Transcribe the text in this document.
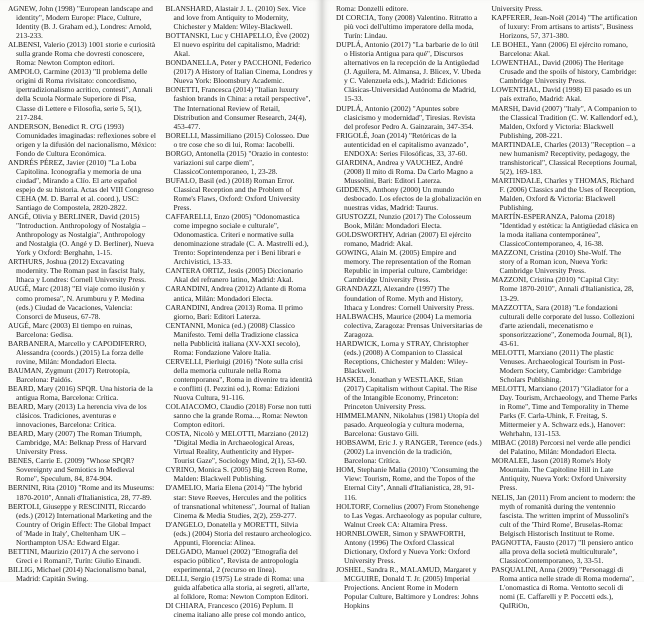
AGNEW, John (1998) "European landscape and identity", Modern Europe: Place, Culture, Identity (B. J. Graham ed.), Londres: Arnold, 213-233.

ALBENSI, Valerio (2013) 1001 storie e curiosità sulla grande Roma che dovresti conoscere, Roma: Newton Compton editori.

AMPOLO, Carmine (2013) "Il problema delle origini di Roma rivisitato: concordismo, ipertradizionalismo acritico, contesti", Annali della Scuola Normale Superiore di Pisa, Classe di Lettere e Filosofia, serie 5, 5(1), 217-284.

ANDERSON, Benedict R. O'G (1993) Comunidades imaginadas: reflexiones sobre el origen y la difusión del nacionalismo, México: Fondo de Cultura Económica.

ANDRÉS PÉREZ, Javier (2010) "La Loba Capitolina. Iconografía y memoria de una ciudad", Mirando a Clío. El arte español espejo de su historia. Actas del VIII Congreso CEHA (M. D. Barral et al. coord.), USC: Santiago de Compostela, 2820-2822.

ANGÉ, Olivia y BERLINER, David (2015) "Introduction. Anthropology of Nostalgia – Anthropology as Nostalgia", Anthropology and Nostalgia (O. Angé y D. Berliner), Nueva York y Oxford: Berghahn, 1-15.

ARTHURS, Joshua (2012) Excavating modernity. The Roman past in fascist Italy, Ithaca y Londres: Cornell University Press.

AUGÉ, Marc (2018) "El viaje como ilusión y como promesa", N. Arumburu y P. Medina (eds.) Ciudad de Vacaciones, Valencia: Consorci de Museus, 67-78.

AUGÉ, Marc (2003) El tiempo en ruinas, Barcelona: Gedisa.

BARBANERA, Marcello y CAPODIFERRO, Alessandra (coords.) (2015) La forza delle rovine, Milán: Mondadori Electa.

BAUMAN, Zygmunt (2017) Retrotopía, Barcelona: Paidós.

BEARD, Mary (2016) SPQR. Una historia de la antigua Roma, Barcelona: Crítica.

BEARD, Mary (2013) La herencia viva de los clásicos. Tradiciones, aventuras e innovaciones, Barcelona: Crítica.

BEARD, Mary (2007) The Roman Triumph, Cambridge, MA: Belknap Press of Harvard University Press.

BENES, Carrie E. (2009) "Whose SPQR? Sovereignty and Semiotics in Medieval Rome", Speculum, 84, 874-904.

BERNINI, Rita (2010) "Rome and its Museums: 1870-2010", Annali d'Italianistica, 28, 77-89.

BERTOLI, Giuseppe y RESCINITI, Riccardo (eds.) (2012) International Marketing and the Country of Origin Effect: The Global Impact of 'Made in Italy', Cheltenham UK – Northampton USA: Edward Elgar.

BETTINI, Maurizio (2017) A che servono i Greci e i Romani?, Turín: Giulio Einaudi.

BILLIG, Michael (2014) Nacionalismo banal, Madrid: Capitán Swing.

BLANSHARD, Alastair J. L. (2010) Sex. Vice and love from Antiquity to Modernity, Chichester y Malden: Wiley-Blackwell.

BOTTANSKI, Luc y CHIAPELLO, Ève (2002) El nuevo espíritu del capitalismo, Madrid: Akal.

BONDANELLA, Peter y PACCHONI, Federico (2017) A History of Italian Cinema, Londres y Nueva York: Bloomsbury Academic.

BONETTI, Francesca (2014) "Italian luxury fashion brands in China: a retail perspective", The International Review of Retail, Distribution and Consumer Research, 24(4), 453-477.

BORELLI, Massimiliano (2015) Colosseo. Due o tre cose che so di lui, Roma: Iacobelli.

BORGO, Antonella (2015) "Orazio in contesto: variazioni sul carpe diem", ClassicoContemporaneo, 1, 23-28.

BUFALO, Basil (ed.) (2018) Roman Error. Classical Reception and the Problem of Rome's Flaws, Oxford: Oxford University Press.

CAFFARELLI, Enzo (2005) "Odonomastica come impegno sociale e culturale", Odonomastica. Criteri e normative sulla denominazione stradale (C. A. Mastrelli ed.), Trento: Soprintendenza per i Beni librari e Archivistici, 13-33.

CANTERA ORTIZ, Jesús (2005) Diccionario Akal del refranero latino, Madrid: Akal.

CARANDINI, Andrea (2012) Atlante di Roma antica, Milán: Mondadori Electa.

CARANDINI, Andrea (2013) Roma. Il primo giorno, Bari: Editori Laterza.

CENTANNI, Monica (ed.) (2008) Classico Manifesto. Temi della Tradizione classica nella Pubblicità italiana (XV-XXI secolo), Roma: Fondazione Valore Italia.

CERVELLI, Pierluigi (2016) "Note sulla crisi della memoria culturale nella Roma contemporanea", Roma in divenire tra identità e conflitti (I. Pezzini ed.), Roma: Edizioni Nuova Cultura, 91-116.

COLAIACOMO, Claudio (2018) Forse non tutti sanno che la grande Roma..., Roma: Newton Compton editori.

COSTA, Nicolò y MELOTTI, Marziano (2012) "Digital Media in Archaeological Areas, Virtual Reality, Authenticity and Hyper-Tourist Gaze", Sociology Mind, 2(1), 53-60.

CYRINO, Monica S. (2005) Big Screen Rome, Malden: Blackwell Publishing.

D'AMELIO, Maria Elena (2014) "The hybrid star: Steve Reeves, Hercules and the politics of transnational whiteness", Journal of Italian Cinema & Media Studies, 2(2), 259-277.

D'ANGELO, Donatella y MORETTI, Silvia (eds.) (2004) Storia del restauro archeologico. Appunti, Florencia: Alinea.

DELGADO, Manuel (2002) "Etnografía del espacio público", Revista de antropología experimental, 2 (recurso en línea).

DELLI, Sergio (1975) Le strade di Roma: una guida alfabetica alla storia, ai segreti, all'arte, al folklore, Roma: Newton Compton Editori.

DI CHIARA, Francesco (2016) Peplum. Il cinema italiano alle prese col mondo antico,

Roma: Donzelli editore.

DI CORCIA, Tony (2008) Valentino. Ritratto a più voci dell'ultimo imperatore della moda, Turín: Lindau.

DUPLÁ, Antonio (2017) "La barbarie de lo útil o Historia Antigua para qué", Discursos alternativos en la recepción de la Antigüedad (J. Aguilera, M. Almansa, J. Blicex, V. Ubeda y C. Valenzuela eds.), Madrid: Ediciones Clásicas-Universidad Autónoma de Madrid, 15-33.

DUPLÁ, Antonio (2002) "Apuntes sobre clasicismo y modernidad", Tiresias. Revista del profesor Pedro A. Gainzarain, 347-354.

FRIGOLÉ, Joan (2014) "Retóricas de la autenticidad en el capitalismo avanzado", ENDOXA: Series Filosóficas, 33, 37-60.

GIARDINA, Andrea y VAUCHEZ, André (2008) Il mito di Roma. Da Carlo Magno a Mussolini, Bari: Editori Laterza.

GIDDENS, Anthony (2000) Un mundo desbocado. Los efectos de la globalización en nuestras vidas, Madrid: Taurus.

GIUSTOZZI, Nunzio (2017) The Colosseum Book, Milán: Mondadori Electa.

GOLDSWORTHY, Adrian (2007) El ejército romano, Madrid: Akal.

GOWING, Alain M. (2005) Empire and memory. The representation of the Roman Republic in imperial culture, Cambridge: Cambridge University Press.

GRANDAZZI, Alexandre (1997) The foundation of Rome. Myth and History, Ithaca y Londres: Cornell University Press.

HALBWACHS, Maurice (2004) La memoria colectiva, Zaragoza: Prensas Universitarias de Zaragoza.

HARDWICK, Lorna y STRAY, Christopher (eds.) (2008) A Companion to Classical Receptions, Chichester y Malden: Wiley-Blackwell.

HASKEL, Jonathan y WESTLAKE, Stian (2017) Capitalism without Capital. The Rise of the Intangible Economy, Princeton: Princeton University Press.

HIMMELMANN, Nikolahus (1981) Utopía del pasado. Arqueología y cultura moderna, Barcelona: Gustavo Gili.

HOBSAWM, Eric J. y RANGER, Terence (eds.) (2002) La invención de la tradición, Barcelona: Crítica.

HOM, Stephanie Malia (2010) "Consuming the View: Tourism, Rome, and the Topos of the Eternal City", Annali d'Italianistica, 28, 91-116.

HOLTORF, Cornelius (2007) From Stonehenge to Las Vegas. Archaeology as popular culture, Walnut Creek CA: Altamira Press.

HORNBLOWER, Simon y SPAWFORTH, Antony (1996) The Oxford Classical Dictionary, Oxford y Nueva York: Oxford University Press.

JOSHEL, Sandra R., MALAMUD, Margaret y MCGUIRE, Donald T. Jr. (2005) Imperial Projections. Ancient Rome in Modern Popular Culture, Baltimore y Londres: Johns Hopkins

University Press.

KAPFERER, Jean-Noël (2014) "The artification of luxury: From artisans to artists", Business Horizons, 57, 371-380.

LE BOHEL, Yann (2006) El ejército romano, Barcelona: Akal.

LOWENTHAL, David (2006) The Heritage Crusade and the spoils of history, Cambridge: Cambridge University Press.

LOWENTHAL, David (1998) El pasado es un país extraño, Madrid: Akal.

MARSH, David (2007) "Italy", A Companion to the Classical Tradition (C. W. Kallendorf ed.), Malden, Oxford y Victoria: Blackwell Publishing, 208-221.

MARTINDALE, Charles (2013) "Reception – a new humanism? Receptivity, pedagogy, the transhistorical", Classical Receptions Journal, 5(2), 169-183.

MARTINDALE, Charles y THOMAS, Richard F. (2006) Classics and the Uses of Reception, Malden, Oxford & Victoria: Blackwell Publishing.

MARTÍN-ESPERANZA, Paloma (2018) "Identidad y estética: la Antigüedad clásica en la moda italiana contemporánea", ClassicoContemporaneo, 4, 16-38.

MAZZONI, Cristina (2010) She-Wolf. The story of a Roman icon, Nueva York: Cambridge University Press.

MAZZONI, Cristina (2010) "Capital City: Rome 1870-2010", Annali d'Italianistica, 28, 13-29.

MAZZOTTA, Sara (2018) "Le fondazioni culturali delle corporate del lusso. Collezioni d'arte aziendali, mecenatismo e sponsorizzazione", Zonemoda Journal, 8(1), 43-61.

MELOTTI, Marxiano (2011) The plastic Venuses. Archaeological Tourism in Post-Modern Society, Cambridge: Cambridge Scholars Publishing.

MELOTTI, Marxiano (2017) "Gladiator for a Day. Tourism, Archaeology, and Theme Parks in Rome", Time and Temporality in Theme Parks (F. Carla-Uhink, F. Freitag, S. Mittermeier y A. Schwarz eds.), Hanover: Wehrhahn, 131-153.

MIBAC (2018) Percorsi nel verde alle pendici del Palatino, Milán: Mondadori Electa.

MORALEE, Jason (2018) Rome's Holy Mountain. The Capitoline Hill in Late Antiquity, Nueva York: Oxford University Press.

NELIS, Jan (2011) From ancient to modern: the myth of romanità during the ventennio fascista. The written imprint of Mussolini's cult of the 'Third Rome', Bruselas-Roma: Belgisch Historisch Instituut te Rome.

PAGNOTTA, Fausto (2017) "Il pensiero antico alla prova della società multiculturale", ClassicoContemporaneo, 3, 33-51.

PASQUALINI, Anna (2009) "Personaggi di Roma antica nelle strade di Roma moderna", L'onomastica di Roma. Ventotto secoli di nomi (E. Caffarelli y P. Poccetti eds.), QuIRiOn,
